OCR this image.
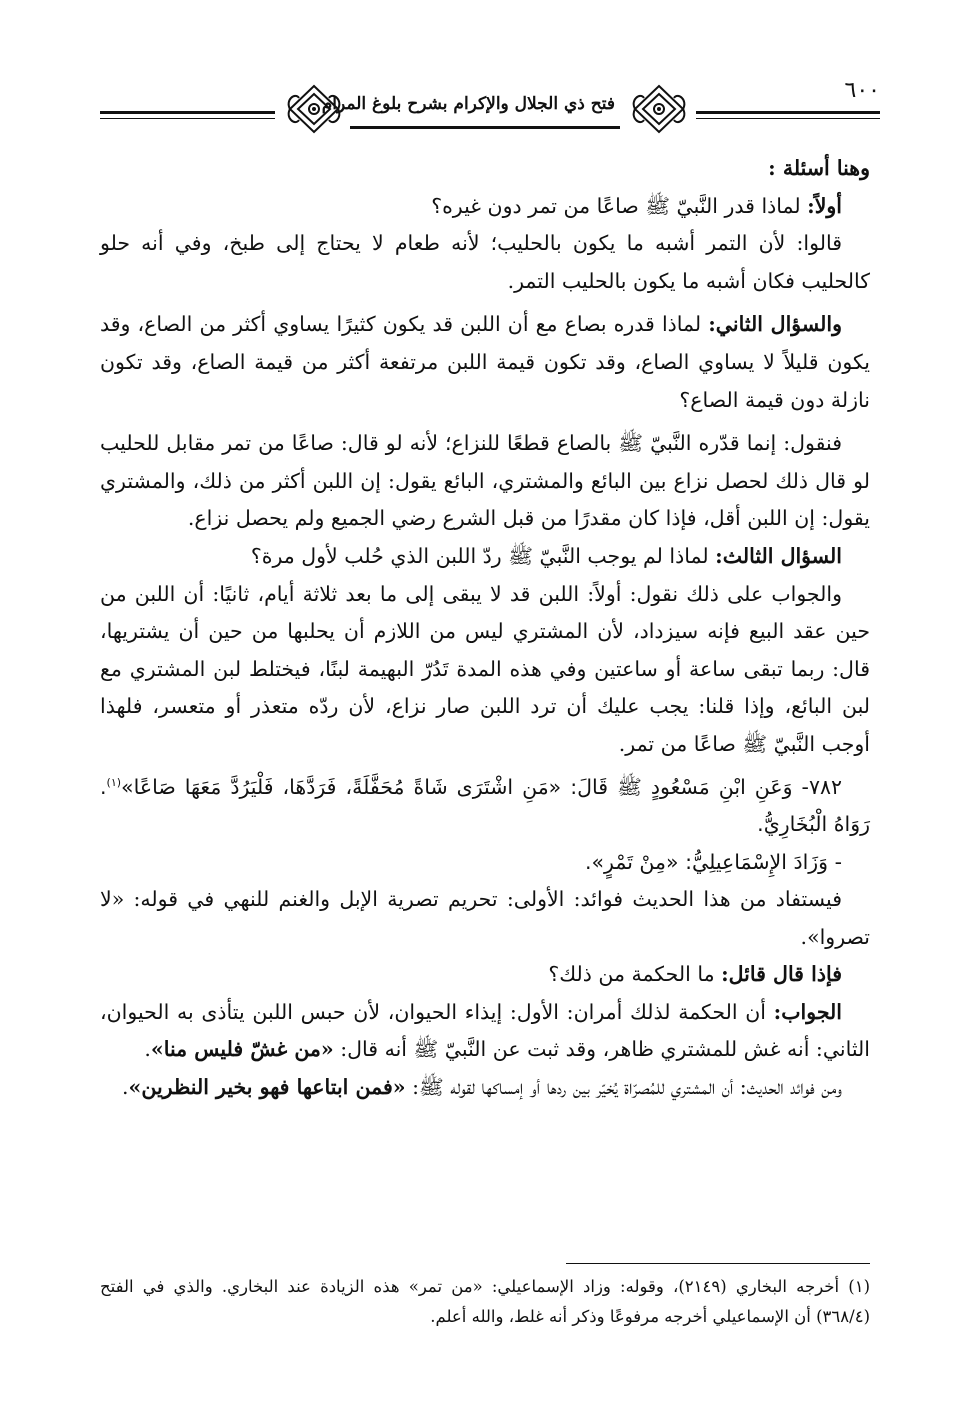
فتح ذي الجلال والإكرام بشرح بلوغ المرام
٦٠٠

وهنا أسئلة :

أولاً: لماذا قدر النَّبيّ ﷺ صاعًا من تمر دون غيره؟

قالوا: لأن التمر أشبه ما يكون بالحليب؛ لأنه طعام لا يحتاج إلى طبخ، وفي أنه حلو كالحليب فكان أشبه ما يكون بالحليب التمر.

والسؤال الثاني: لماذا قدره بصاع مع أن اللبن قد يكون كثيرًا يساوي أكثر من الصاع، وقد يكون قليلاً لا يساوي الصاع، وقد تكون قيمة اللبن مرتفعة أكثر من قيمة الصاع، وقد تكون نازلة دون قيمة الصاع؟

فنقول: إنما قدّره النَّبيّ ﷺ بالصاع قطعًا للنزاع؛ لأنه لو قال: صاعًا من تمر مقابل للحليب لو قال ذلك لحصل نزاع بين البائع والمشتري، البائع يقول: إن اللبن أكثر من ذلك، والمشتري يقول: إن اللبن أقل، فإذا كان مقدرًا من قبل الشرع رضي الجميع ولم يحصل نزاع.

السؤال الثالث: لماذا لم يوجب النَّبيّ ﷺ ردّ اللبن الذي حُلب لأول مرة؟

والجواب على ذلك نقول: أولاً: اللبن قد لا يبقى إلى ما بعد ثلاثة أيام، ثانيًا: أن اللبن من حين عقد البيع فإنه سيزداد، لأن المشتري ليس من اللازم أن يحلبها من حين أن يشتريها، قال: ربما تبقى ساعة أو ساعتين وفي هذه المدة تَدُرّ البهيمة لبنًا، فيختلط لبن المشتري مع لبن البائع، وإذا قلنا: يجب عليك أن ترد اللبن صار نزاع، لأن ردّه متعذر أو متعسر، فلهذا أوجب النَّبيّ ﷺ صاعًا من تمر.

٧٨٢- وَعَنِ ابْنِ مَسْعُودٍ ﷺ قَالَ: «مَنِ اشْتَرَى شَاةً مُحَفَّلَةً، فَرَدَّهَا، فَلْيَرُدَّ مَعَهَا صَاعًا»$^{(١)}$. رَوَاهُ الْبُخَارِيُّ.

- وَزَادَ الإِسْمَاعِيلِيُّ: «مِنْ تَمْرٍ».

فيستفاد من هذا الحديث فوائد: الأولى: تحريم تصرية الإبل والغنم للنهي في قوله: «لا تصروا».

فإذا قال قائل: ما الحكمة من ذلك؟

الجواب: أن الحكمة لذلك أمران: الأول: إيذاء الحيوان، لأن حبس اللبن يتأذى به الحيوان، الثاني: أنه غش للمشتري ظاهر، وقد ثبت عن النَّبيّ ﷺ أنه قال: «من غشّ فليس منا».

ومن فوائد الحديث: أن المشتري للمُصرّاة يُخيّر بين ردها أو إمساكها لقوله ﷺ: «فمن ابتاعها فهو بخير النظرين».

(١) أخرجه البخاري (٢١٤٩)، وقوله: وزاد الإسماعيلي: «من تمر» هذه الزيادة عند البخاري. والذي في الفتح (٣٦٨/٤) أن الإسماعيلي أخرجه مرفوعًا وذكر أنه غلط، والله أعلم.
